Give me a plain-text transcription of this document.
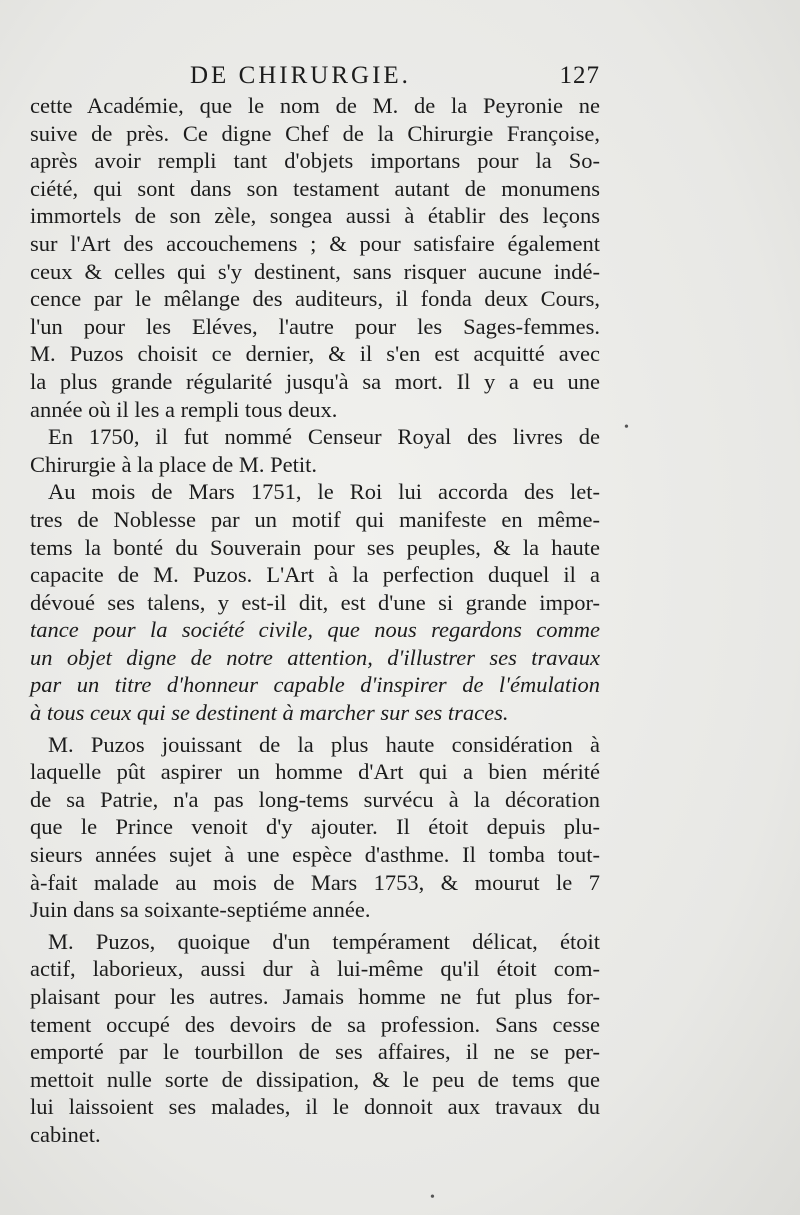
DE CHIRURGIE.	127
cette Académie, que le nom de M. de la Peyronie ne
suive de près. Ce digne Chef de la Chirurgie Françoise,
après avoir rempli tant d'objets importans pour la So-
ciété, qui sont dans son testament autant de monumens
immortels de son zèle, songea aussi à établir des leçons
sur l'Art des accouchemens ; & pour satisfaire également
ceux & celles qui s'y destinent, sans risquer aucune indé-
cence par le mêlange des auditeurs, il fonda deux Cours,
l'un pour les Eléves, l'autre pour les Sages-femmes.
M. Puzos choisit ce dernier, & il s'en est acquitté avec
la plus grande régularité jusqu'à sa mort. Il y a eu une
année où il les a rempli tous deux.
En 1750, il fut nommé Censeur Royal des livres de
Chirurgie à la place de M. Petit.
Au mois de Mars 1751, le Roi lui accorda des let-
tres de Noblesse par un motif qui manifeste en même-
tems la bonté du Souverain pour ses peuples, & la haute
capacite de M. Puzos. L'Art à la perfection duquel il a
dévoué ses talens, y est-il dit, est d'une si grande impor-
tance pour la société civile, que nous regardons comme
un objet digne de notre attention, d'illustrer ses travaux
par un titre d'honneur capable d'inspirer de l'émulation
à tous ceux qui se destinent à marcher sur ses traces.
M. Puzos jouissant de la plus haute considération à
laquelle pût aspirer un homme d'Art qui a bien mérité
de sa Patrie, n'a pas long-tems survécu à la décoration
que le Prince venoit d'y ajouter. Il étoit depuis plu-
sieurs années sujet à une espèce d'asthme. Il tomba tout-
à-fait malade au mois de Mars 1753, & mourut le 7
Juin dans sa soixante-septiéme année.
M. Puzos, quoique d'un tempérament délicat, étoit
actif, laborieux, aussi dur à lui-même qu'il étoit com-
plaisant pour les autres. Jamais homme ne fut plus for-
tement occupé des devoirs de sa profession. Sans cesse
emporté par le tourbillon de ses affaires, il ne se per-
mettoit nulle sorte de dissipation, & le peu de tems que
lui laissoient ses malades, il le donnoit aux travaux du
cabinet.
•
•
